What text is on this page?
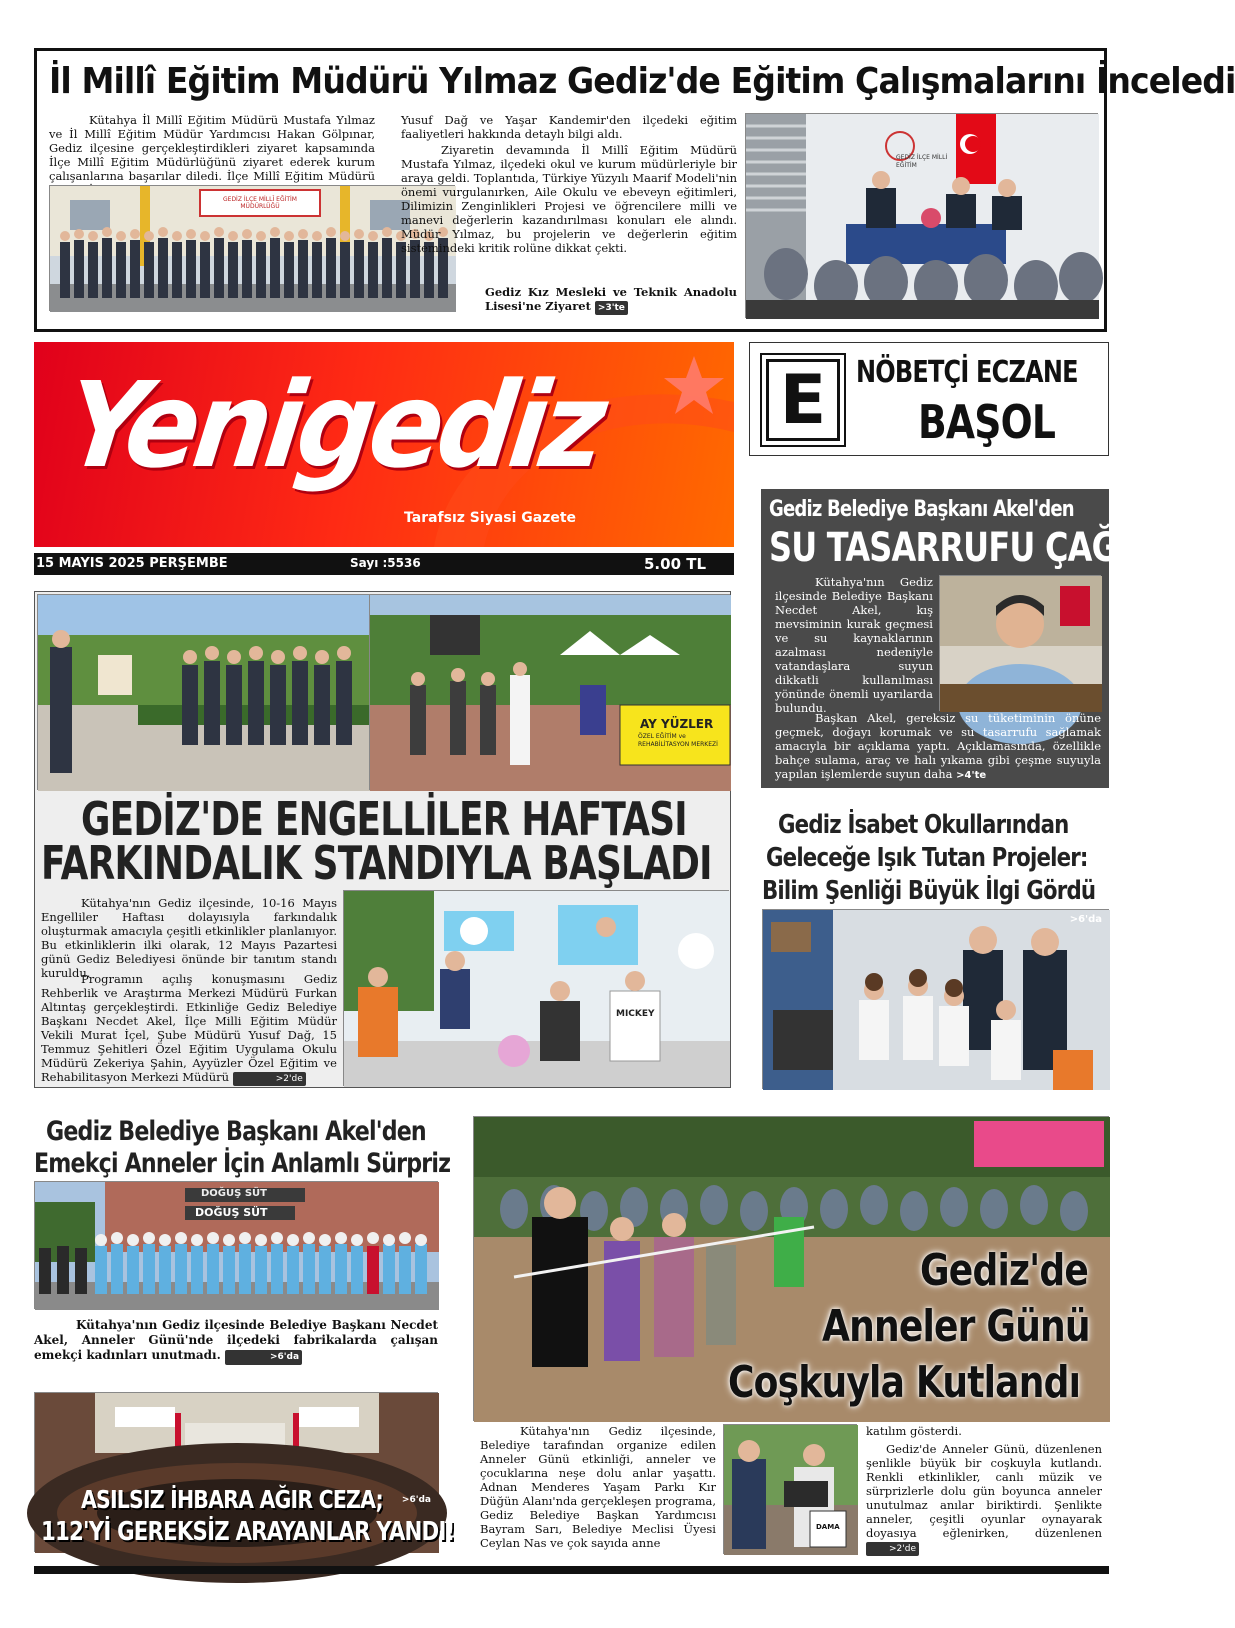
İl Millî Eğitim Müdürü Yılmaz Gediz'de Eğitim Çalışmalarını İnceledi
Kütahya İl Millî Eğitim Müdürü Mustafa Yılmaz ve İl Millî Eğitim Müdür Yardımcısı Hakan Gölpınar, Gediz ilçesine gerçekleştirdikleri ziyaret kapsamında İlçe Millî Eğitim Müdürlüğünü ziyaret ederek kurum çalışanlarına başarılar diledi. İlçe Millî Eğitim Müdürü
GEDİZ İLÇE MİLLÎ EĞİTİM MÜDÜRLÜĞÜ
Yusuf Dağ ve Yaşar Kandemir'den ilçedeki eğitim faaliyetleri hakkında detaylı bilgi aldı.
Ziyaretin devamında İl Millî Eğitim Müdürü Mustafa Yılmaz, ilçedeki okul ve kurum müdürleriyle bir araya geldi. Toplantıda, Türkiye Yüzyılı Maarif Modeli'nin önemi vurgulanırken, Aile Okulu ve ebeveyn eğitimleri, Dilimizin Zenginlikleri Projesi ve öğrencilere milli ve manevi değerlerin kazandırılması konuları ele alındı. Müdür Yılmaz, bu projelerin ve değerlerin eğitim sistemindeki kritik rolüne dikkat çekti.
Gediz Kız Mesleki ve Teknik Anadolu Lisesi'ne Ziyaret >3'te
GEDİZ İLÇE MİLLİ EĞİTİM
Yenigediz
Tarafsız Siyasi Gazete
15 MAYIS 2025 PERŞEMBE	Sayı :5536	5.00 TL
E NÖBETÇİ ECZANE
BAŞOL
Gediz Belediye Başkanı Akel'den
SU TASARRUFU ÇAĞRISI
Kütahya'nın Gediz ilçesinde Belediye Başkanı Necdet Akel, kış mevsiminin kurak geçmesi ve su kaynaklarının azalması nedeniyle vatandaşlara suyun dikkatli kullanılması yönünde önemli uyarılarda bulundu.
Başkan Akel, gereksiz su tüketiminin önüne geçmek, doğayı korumak ve su tasarrufu sağlamak amacıyla bir açıklama yaptı. Açıklamasında, özellikle bahçe sulama, araç ve halı yıkama gibi çeşme suyuyla yapılan işlemlerde suyun daha >4'te
AY YÜZLER
ÖZEL EĞİTİM ve REHABİLİTASYON MERKEZİ
GEDİZ'DE ENGELLİLER HAFTASI
FARKINDALIK STANDIYLA BAŞLADI
Kütahya'nın Gediz ilçesinde, 10-16 Mayıs Engelliler Haftası dolayısıyla farkındalık oluşturmak amacıyla çeşitli etkinlikler planlanıyor. Bu etkinliklerin ilki olarak, 12 Mayıs Pazartesi günü Gediz Belediyesi önünde bir tanıtım standı kuruldu.
Programın açılış konuşmasını Gediz Rehberlik ve Araştırma Merkezi Müdürü Furkan Altıntaş gerçekleştirdi. Etkinliğe Gediz Belediye Başkanı Necdet Akel, İlçe Milli Eğitim Müdür Vekili Murat İçel, Şube Müdürü Yusuf Dağ, 15 Temmuz Şehitleri Özel Eğitim Uygulama Okulu Müdürü Zekeriya Şahin, Ayyüzler Özel Eğitim ve Rehabilitasyon Merkezi Müdürü	>2'de
MICKEY
Gediz İsabet Okullarından
Geleceğe Işık Tutan Projeler:
Bilim Şenliği Büyük İlgi Gördü
>6'da
Gediz Belediye Başkanı Akel'den
Emekçi Anneler İçin Anlamlı Sürpriz
DOĞUŞ SÜT
DOĞUŞ SÜT
Kütahya'nın Gediz ilçesinde Belediye Başkanı Necdet Akel, Anneler Günü'nde ilçedeki fabrikalarda çalışan emekçi kadınları unutmadı.	>6'da
ASILSIZ İHBARA AĞIR CEZA;
112'Yİ GEREKSİZ ARAYANLAR YANDI!
>6'da
Gediz'de
Anneler Günü
Coşkuyla Kutlandı
Kütahya'nın Gediz ilçesinde, Belediye tarafından organize edilen Anneler Günü etkinliği, anneler ve çocuklarına neşe dolu anlar yaşattı. Adnan Menderes Yaşam Parkı Kır Düğün Alanı'nda gerçekleşen programa, Gediz Belediye Başkan Yardımcısı Bayram Sarı, Belediye Meclisi Üyesi Ceylan Nas ve çok sayıda anne
DAMA
katılım gösterdi.
Gediz'de Anneler Günü, düzenlenen şenlikle büyük bir coşkuyla kutlandı. Renkli etkinlikler, canlı müzik ve sürprizlerle dolu gün boyunca anneler unutulmaz anılar biriktirdi. Şenlikte anneler, çeşitli oyunlar oynayarak doyasıya eğlenirken, düzenlenen >2'de
